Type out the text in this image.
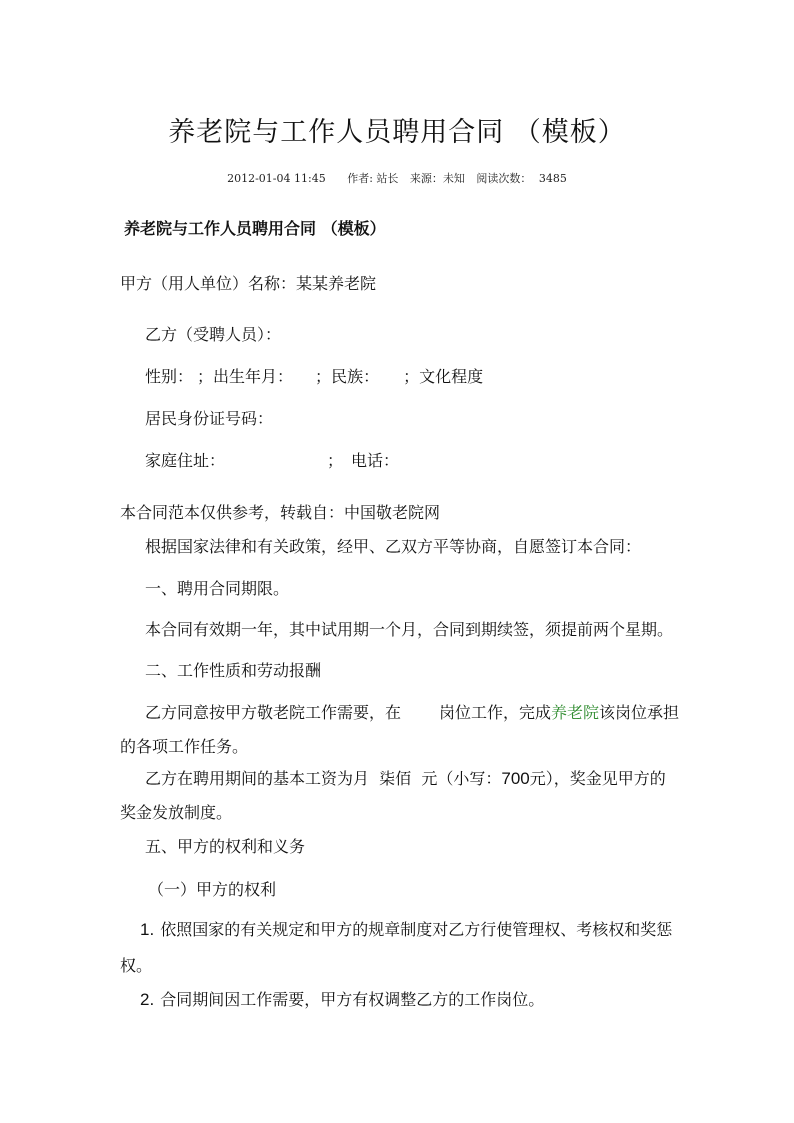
养老院与工作人员聘用合同 （模板）
2012-01-04 11:45 作者: 站长 来源：未知 阅读次数： 3485
养老院与工作人员聘用合同 （模板）
甲方（用人单位）名称：某某养老院
乙方（受聘人员）：
性别： ；出生年月： ；民族： ；文化程度
居民身份证号码：
家庭住址：	； 电话：
本合同范本仅供参考，转载自：中国敬老院网
根据国家法律和有关政策，经甲、乙双方平等协商，自愿签订本合同：
一、聘用合同期限。
本合同有效期一年，其中试用期一个月，合同到期续签，须提前两个星期。
二、工作性质和劳动报酬
乙方同意按甲方敬老院工作需要，在 岗位工作，完成养老院该岗位承担
的各项工作任务。
乙方在聘用期间的基本工资为月  柒佰  元（小写：700元），奖金见甲方的
奖金发放制度。
五、甲方的权利和义务
（一）甲方的权利
1. 依照国家的有关规定和甲方的规章制度对乙方行使管理权、考核权和奖惩
权。
2. 合同期间因工作需要，甲方有权调整乙方的工作岗位。
